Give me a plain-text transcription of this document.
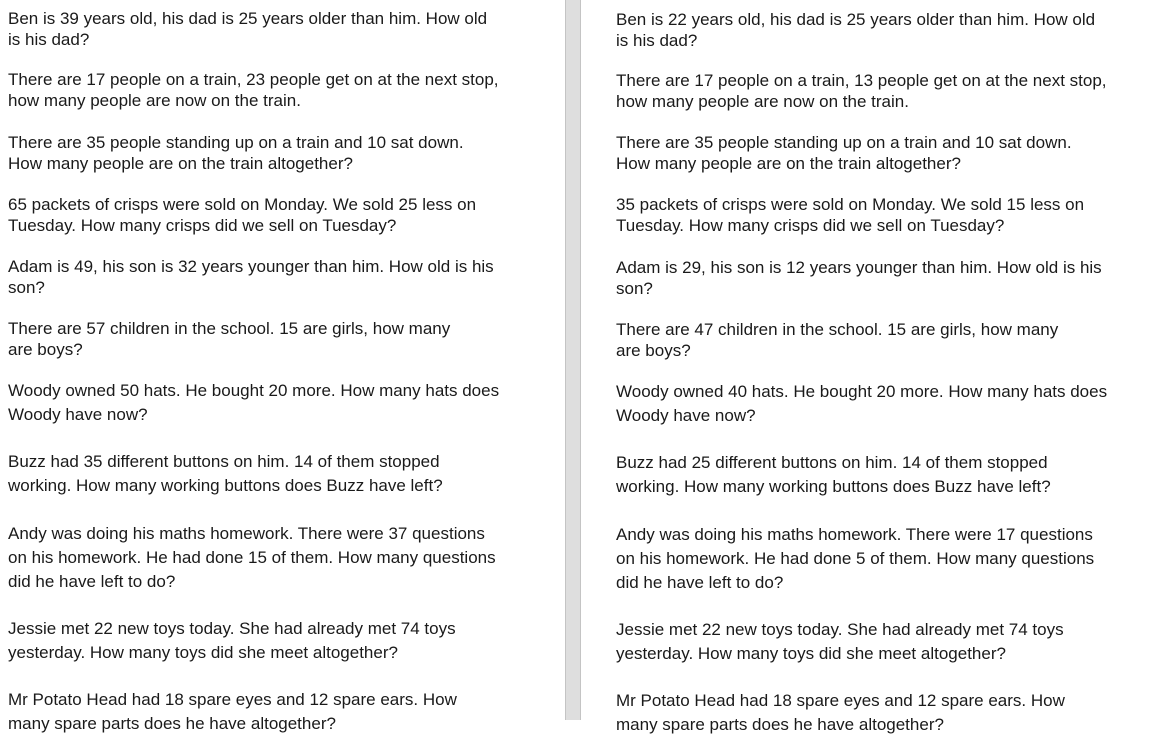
Ben is 39 years old, his dad is 25 years older than him. How old
is his dad?

There are 17 people on a train, 23 people get on at the next stop,
how many people are now on the train.

There are 35 people standing up on a train and 10 sat down.
How many people are on the train altogether?

65 packets of crisps were sold on Monday. We sold 25 less on
Tuesday. How many crisps did we sell on Tuesday?

Adam is 49, his son is 32 years younger than him. How old is his
son?

There are 57 children in the school. 15 are girls, how many
are boys?

Woody owned 50 hats. He bought 20 more. How many hats does
Woody have now?

Buzz had 35 different buttons on him. 14 of them stopped
working. How many working buttons does Buzz have left?

Andy was doing his maths homework. There were 37 questions
on his homework. He had done 15 of them. How many questions
did he have left to do?

Jessie met 22 new toys today. She had already met 74 toys
yesterday. How many toys did she meet altogether?

Mr Potato Head had 18 spare eyes and 12 spare ears. How
many spare parts does he have altogether?

Ben is 22 years old, his dad is 25 years older than him. How old
is his dad?

There are 17 people on a train, 13 people get on at the next stop,
how many people are now on the train.

There are 35 people standing up on a train and 10 sat down.
How many people are on the train altogether?

35 packets of crisps were sold on Monday. We sold 15 less on
Tuesday. How many crisps did we sell on Tuesday?

Adam is 29, his son is 12 years younger than him. How old is his
son?

There are 47 children in the school. 15 are girls, how many
are boys?

Woody owned 40 hats. He bought 20 more. How many hats does
Woody have now?

Buzz had 25 different buttons on him. 14 of them stopped
working. How many working buttons does Buzz have left?

Andy was doing his maths homework. There were 17 questions
on his homework. He had done 5 of them. How many questions
did he have left to do?

Jessie met 22 new toys today. She had already met 74 toys
yesterday. How many toys did she meet altogether?

Mr Potato Head had 18 spare eyes and 12 spare ears. How
many spare parts does he have altogether?
